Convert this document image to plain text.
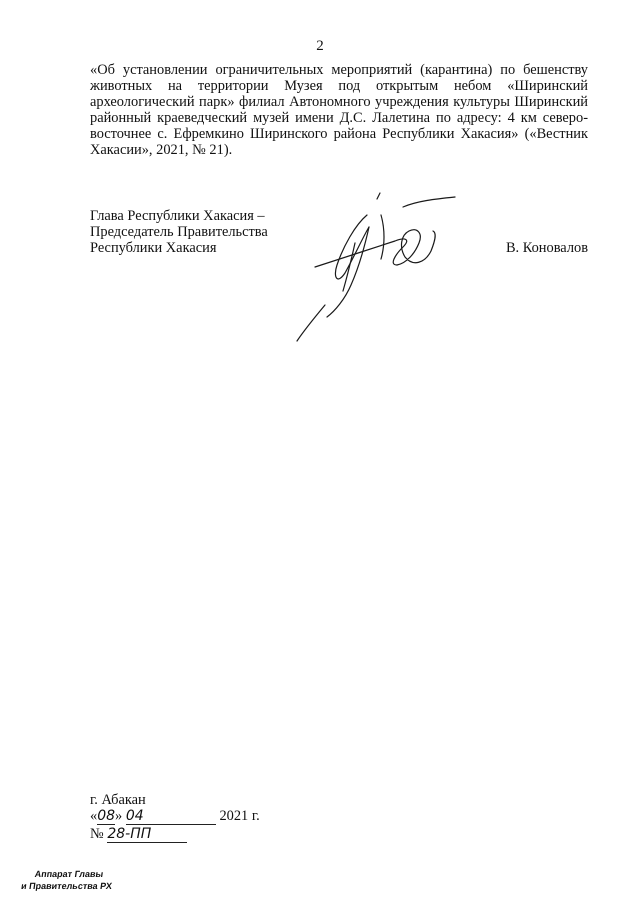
2
«Об установлении ограничительных мероприятий (карантина) по бешенству животных на территории Музея под открытым небом «Ширинский археологический парк» филиал Автономного учреждения культуры Ширинский районный краеведческий музей имени Д.С. Лалетина по адресу: 4 км северо-восточнее с. Ефремкино Ширинского района Республики Хакасия» («Вестник Хакасии», 2021, № 21).
Глава Республики Хакасия –
Председатель Правительства
Республики Хакасия	В. Коновалов
г. Абакан
«08» 04	2021 г.
№ 28-ПП
Аппарат Главы
и Правительства РХ
